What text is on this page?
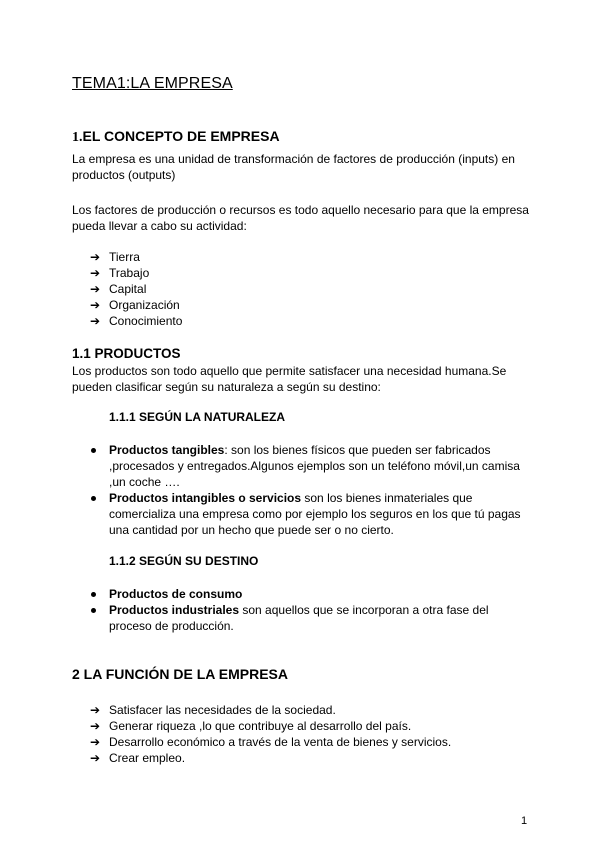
TEMA1:LA EMPRESA
1.EL CONCEPTO DE EMPRESA
La empresa es una unidad de transformación de factores de producción (inputs) en productos (outputs)
Los factores de producción o recursos es todo aquello necesario para que la empresa pueda llevar a cabo su actividad:
➔ Tierra
➔ Trabajo
➔ Capital
➔ Organización
➔ Conocimiento
1.1 PRODUCTOS
Los productos son todo aquello que permite satisfacer una necesidad humana.Se pueden clasificar según su naturaleza a según su destino:
1.1.1 SEGÚN LA NATURALEZA
Productos tangibles: son los bienes físicos que pueden ser fabricados ,procesados y entregados.Algunos ejemplos son un teléfono móvil,un camisa ,un coche ….
Productos intangibles o servicios son los bienes inmateriales que comercializa una empresa como por ejemplo los seguros en los que tú pagas una cantidad por un hecho que puede ser o no cierto.
1.1.2 SEGÚN SU DESTINO
Productos de consumo
Productos industriales son aquellos que se incorporan a otra fase del proceso de producción.
2 LA FUNCIÓN DE LA EMPRESA
➔ Satisfacer las necesidades de la sociedad.
➔ Generar riqueza ,lo que contribuye al desarrollo del país.
➔ Desarrollo económico a través de la venta de bienes y servicios.
➔ Crear empleo.
1
